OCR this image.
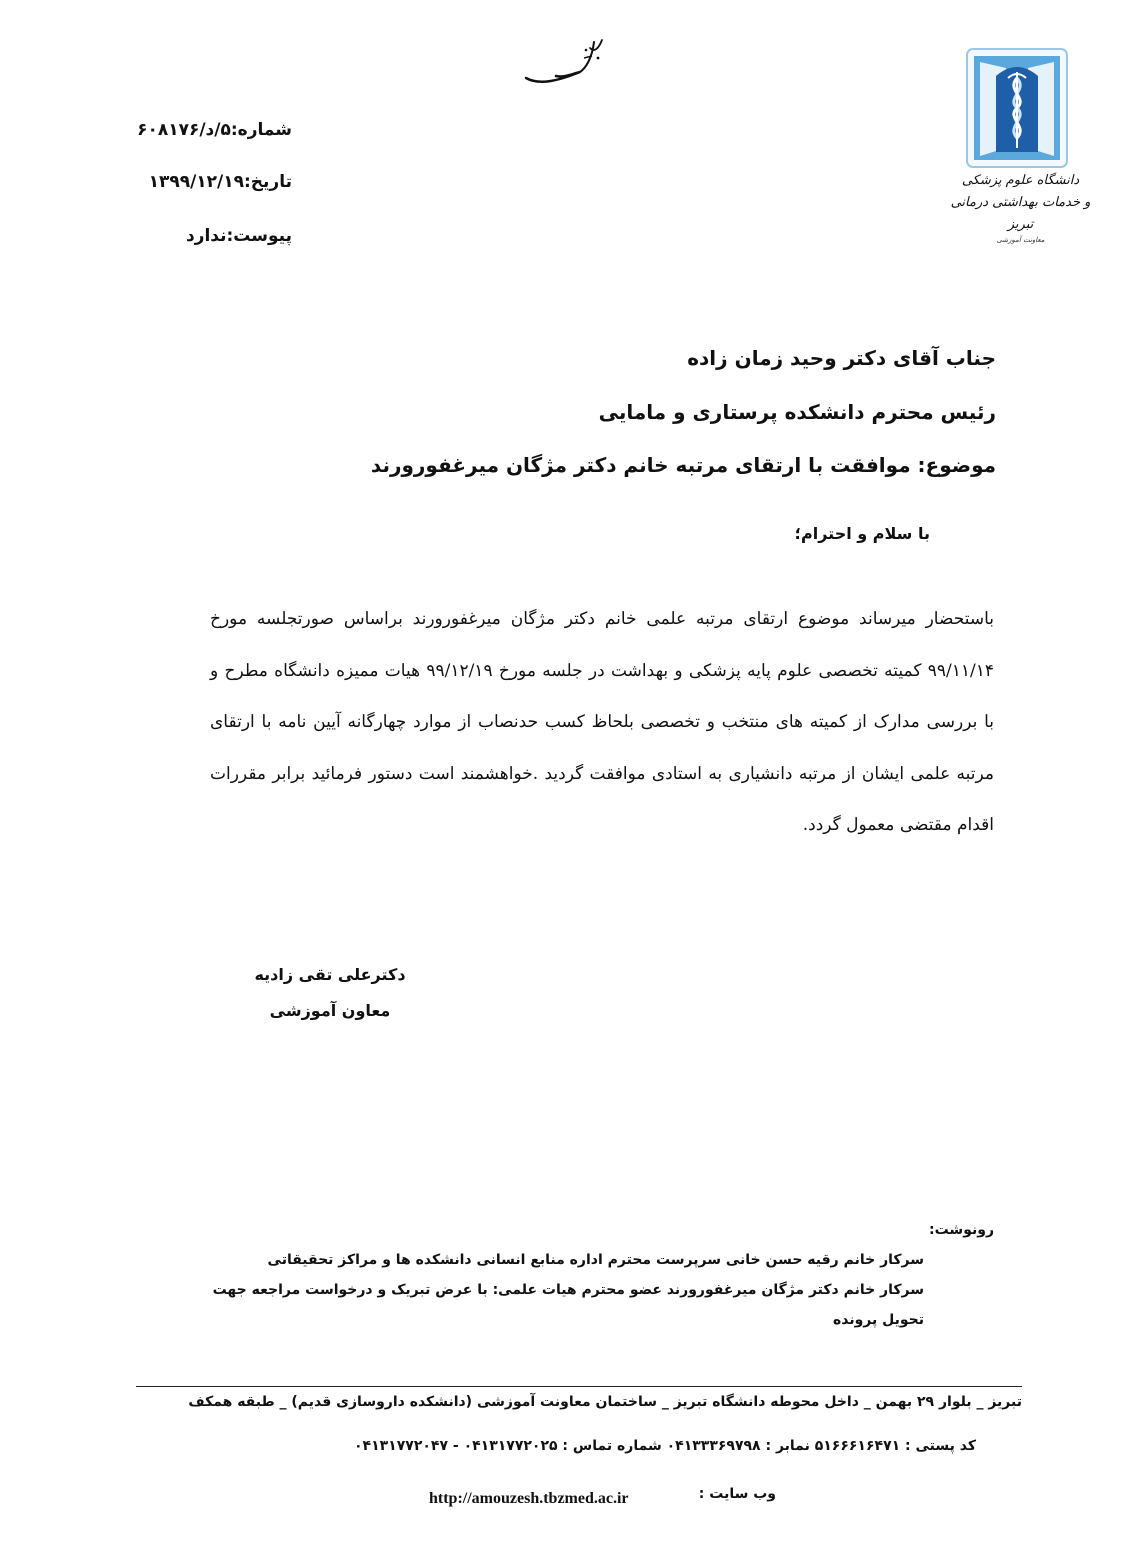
دانشگاه علوم پزشکی
و خدمات بهداشتی درمانی تبریز
معاونت آموزشی
شماره:۵/د/۶۰۸۱۷۶
تاریخ:۱۳۹۹/۱۲/۱۹
پیوست:ندارد
جناب آقای دکتر وحید زمان زاده
رئیس محترم دانشکده پرستاری و مامایی
موضوع: موافقت با ارتقای مرتبه خانم دکتر مژگان میرغفورورند
با سلام و احترام؛
باستحضار میرساند موضوع ارتقای مرتبه علمی خانم دکتر مژگان میرغفورورند براساس صورتجلسه مورخ ۹۹/۱۱/۱۴ کمیته تخصصی علوم پایه پزشکی و بهداشت در جلسه مورخ ۹۹/۱۲/۱۹ هیات ممیزه دانشگاه مطرح و با بررسی مدارک از کمیته های منتخب و تخصصی بلحاظ کسب حدنصاب از موارد چهارگانه آیین نامه با ارتقای مرتبه علمی ایشان از مرتبه دانشیاری به استادی موافقت گردید .خواهشمند است دستور فرمائید برابر مقررات اقدام مقتضی معمول گردد.
دکترعلی تقی زادیه
معاون آموزشی
رونوشت:
سرکار خانم رقیه حسن خانی سرپرست محترم اداره منابع انسانی دانشکده ها و مراکز تحقیقاتی
سرکار خانم دکتر مژگان میرغفورورند عضو محترم هیات علمی: با عرض تبریک و درخواست مراجعه جهت
تحویل پرونده
تبریز _ بلوار ۲۹ بهمن _ داخل محوطه دانشگاه تبریز _ ساختمان معاونت آموزشی (دانشکده داروسازی قدیم) _ طبقه همکف
کد پستی : ۵۱۶۶۶۱۶۴۷۱ نمابر : ۰۴۱۳۳۳۶۹۷۹۸ شماره تماس : ۰۴۱۳۱۷۷۲۰۲۵ - ۰۴۱۳۱۷۷۲۰۴۷
وب سایت :
http://amouzesh.tbzmed.ac.ir
